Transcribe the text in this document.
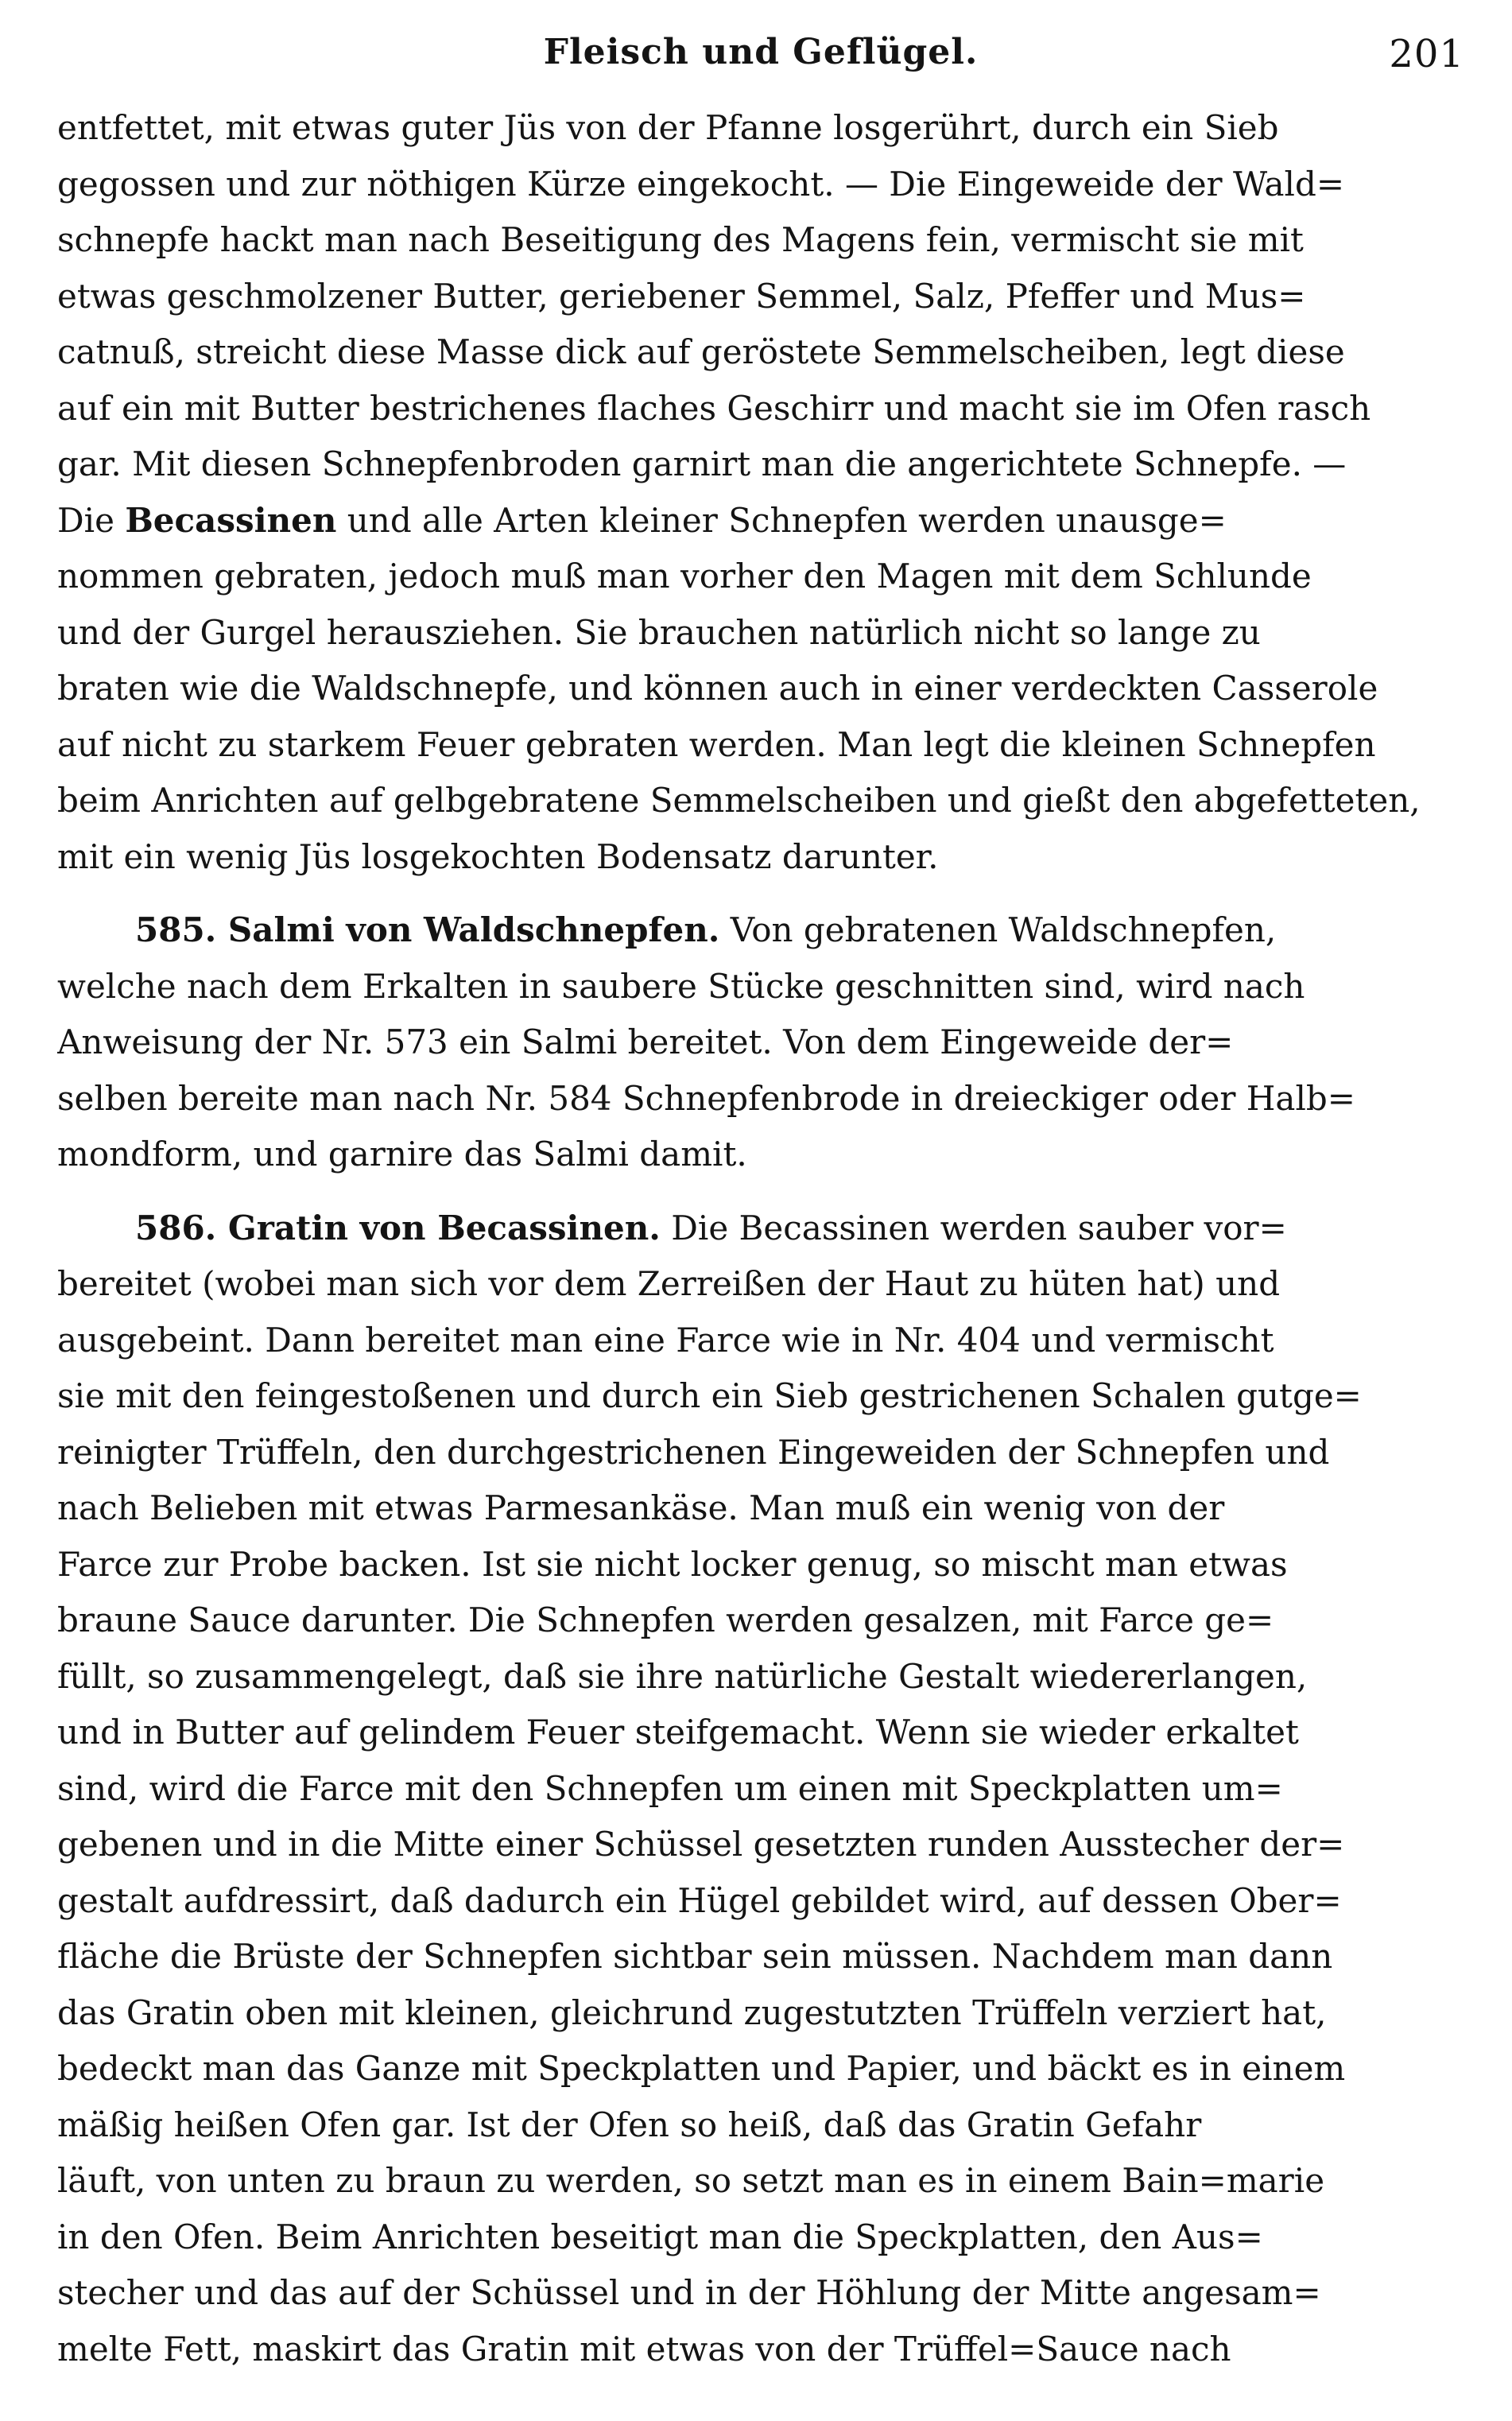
Fleisch und Geflügel.	201
entfettet, mit etwas guter Jüs von der Pfanne losgerührt, durch ein Sieb
gegossen und zur nöthigen Kürze eingekocht. — Die Eingeweide der Wald=
schnepfe hackt man nach Beseitigung des Magens fein, vermischt sie mit
etwas geschmolzener Butter, geriebener Semmel, Salz, Pfeffer und Mus=
catnuß, streicht diese Masse dick auf geröstete Semmelscheiben, legt diese
auf ein mit Butter bestrichenes flaches Geschirr und macht sie im Ofen rasch
gar. Mit diesen Schnepfenbroden garnirt man die angerichtete Schnepfe. —
Die Becassinen und alle Arten kleiner Schnepfen werden unausge=
nommen gebraten, jedoch muß man vorher den Magen mit dem Schlunde
und der Gurgel herausziehen. Sie brauchen natürlich nicht so lange zu
braten wie die Waldschnepfe, und können auch in einer verdeckten Casserole
auf nicht zu starkem Feuer gebraten werden. Man legt die kleinen Schnepfen
beim Anrichten auf gelbgebratene Semmelscheiben und gießt den abgefetteten,
mit ein wenig Jüs losgekochten Bodensatz darunter.
585. Salmi von Waldschnepfen. Von gebratenen Waldschnepfen,
welche nach dem Erkalten in saubere Stücke geschnitten sind, wird nach
Anweisung der Nr. 573 ein Salmi bereitet. Von dem Eingeweide der=
selben bereite man nach Nr. 584 Schnepfenbrode in dreieckiger oder Halb=
mondform, und garnire das Salmi damit.
586. Gratin von Becassinen. Die Becassinen werden sauber vor=
bereitet (wobei man sich vor dem Zerreißen der Haut zu hüten hat) und
ausgebeint. Dann bereitet man eine Farce wie in Nr. 404 und vermischt
sie mit den feingestoßenen und durch ein Sieb gestrichenen Schalen gutge=
reinigter Trüffeln, den durchgestrichenen Eingeweiden der Schnepfen und
nach Belieben mit etwas Parmesankäse. Man muß ein wenig von der
Farce zur Probe backen. Ist sie nicht locker genug, so mischt man etwas
braune Sauce darunter. Die Schnepfen werden gesalzen, mit Farce ge=
füllt, so zusammengelegt, daß sie ihre natürliche Gestalt wiedererlangen,
und in Butter auf gelindem Feuer steifgemacht. Wenn sie wieder erkaltet
sind, wird die Farce mit den Schnepfen um einen mit Speckplatten um=
gebenen und in die Mitte einer Schüssel gesetzten runden Ausstecher der=
gestalt aufdressirt, daß dadurch ein Hügel gebildet wird, auf dessen Ober=
fläche die Brüste der Schnepfen sichtbar sein müssen. Nachdem man dann
das Gratin oben mit kleinen, gleichrund zugestutzten Trüffeln verziert hat,
bedeckt man das Ganze mit Speckplatten und Papier, und bäckt es in einem
mäßig heißen Ofen gar. Ist der Ofen so heiß, daß das Gratin Gefahr
läuft, von unten zu braun zu werden, so setzt man es in einem Bain=marie
in den Ofen. Beim Anrichten beseitigt man die Speckplatten, den Aus=
stecher und das auf der Schüssel und in der Höhlung der Mitte angesam=
melte Fett, maskirt das Gratin mit etwas von der Trüffel=Sauce nach
